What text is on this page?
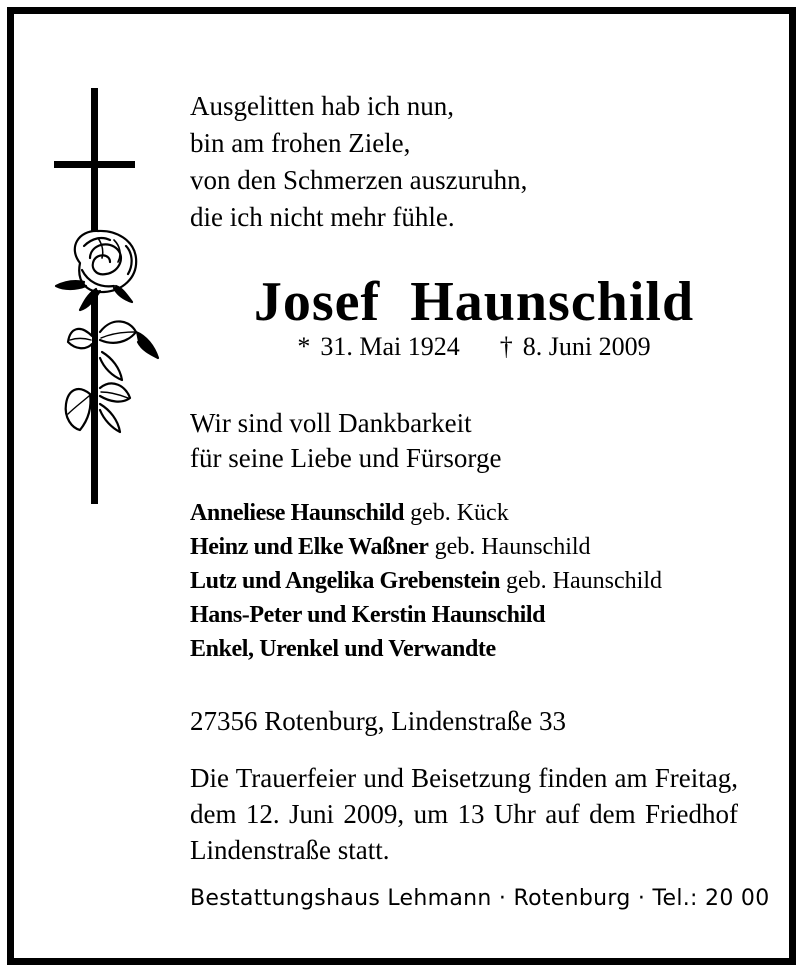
Ausgelitten hab ich nun,
bin am frohen Ziele,
von den Schmerzen auszuruhn,
die ich nicht mehr fühle.
Josef  Haunschild
* 31. Mai 1924 † 8. Juni 2009
Wir sind voll Dankbarkeit
für seine Liebe und Fürsorge
Anneliese Haunschild geb. Kück
Heinz und Elke Waßner geb. Haunschild
Lutz und Angelika Grebenstein geb. Haunschild
Hans-Peter und Kerstin Haunschild
Enkel, Urenkel und Verwandte
27356 Rotenburg, Lindenstraße 33
Die Trauerfeier und Beisetzung finden am Freitag, dem 12. Juni 2009, um 13 Uhr auf dem Friedhof Lindenstraße statt.
Bestattungshaus Lehmann · Rotenburg · Tel.: 20 00
